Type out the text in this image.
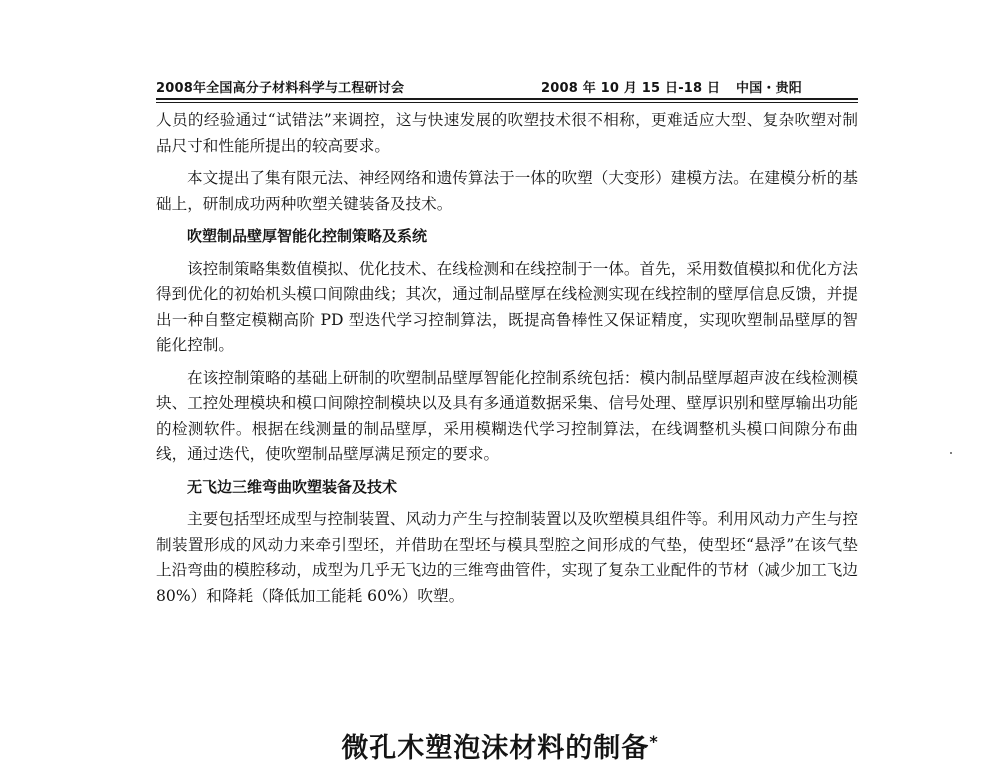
2008年全国高分子材料科学与工程研讨会	2008 年 10 月 15 日-18 日 中国・贵阳

人员的经验通过“试错法”来调控，这与快速发展的吹塑技术很不相称，更难适应大型、复杂吹塑对制品尺寸和性能所提出的较高要求。

本文提出了集有限元法、神经网络和遗传算法于一体的吹塑（大变形）建模方法。在建模分析的基础上，研制成功两种吹塑关键装备及技术。

吹塑制品壁厚智能化控制策略及系统

该控制策略集数值模拟、优化技术、在线检测和在线控制于一体。首先，采用数值模拟和优化方法得到优化的初始机头模口间隙曲线；其次，通过制品壁厚在线检测实现在线控制的壁厚信息反馈，并提出一种自整定模糊高阶 PD 型迭代学习控制算法，既提高鲁棒性又保证精度，实现吹塑制品壁厚的智能化控制。

在该控制策略的基础上研制的吹塑制品壁厚智能化控制系统包括：模内制品壁厚超声波在线检测模块、工控处理模块和模口间隙控制模块以及具有多通道数据采集、信号处理、壁厚识别和壁厚输出功能的检测软件。根据在线测量的制品壁厚，采用模糊迭代学习控制算法，在线调整机头模口间隙分布曲线，通过迭代，使吹塑制品壁厚满足预定的要求。

无飞边三维弯曲吹塑装备及技术

主要包括型坯成型与控制装置、风动力产生与控制装置以及吹塑模具组件等。利用风动力产生与控制装置形成的风动力来牵引型坯，并借助在型坯与模具型腔之间形成的气垫，使型坯“悬浮”在该气垫上沿弯曲的模腔移动，成型为几乎无飞边的三维弯曲管件，实现了复杂工业配件的节材（减少加工飞边 80%）和降耗（降低加工能耗 60%）吹塑。

微孔木塑泡沫材料的制备*
